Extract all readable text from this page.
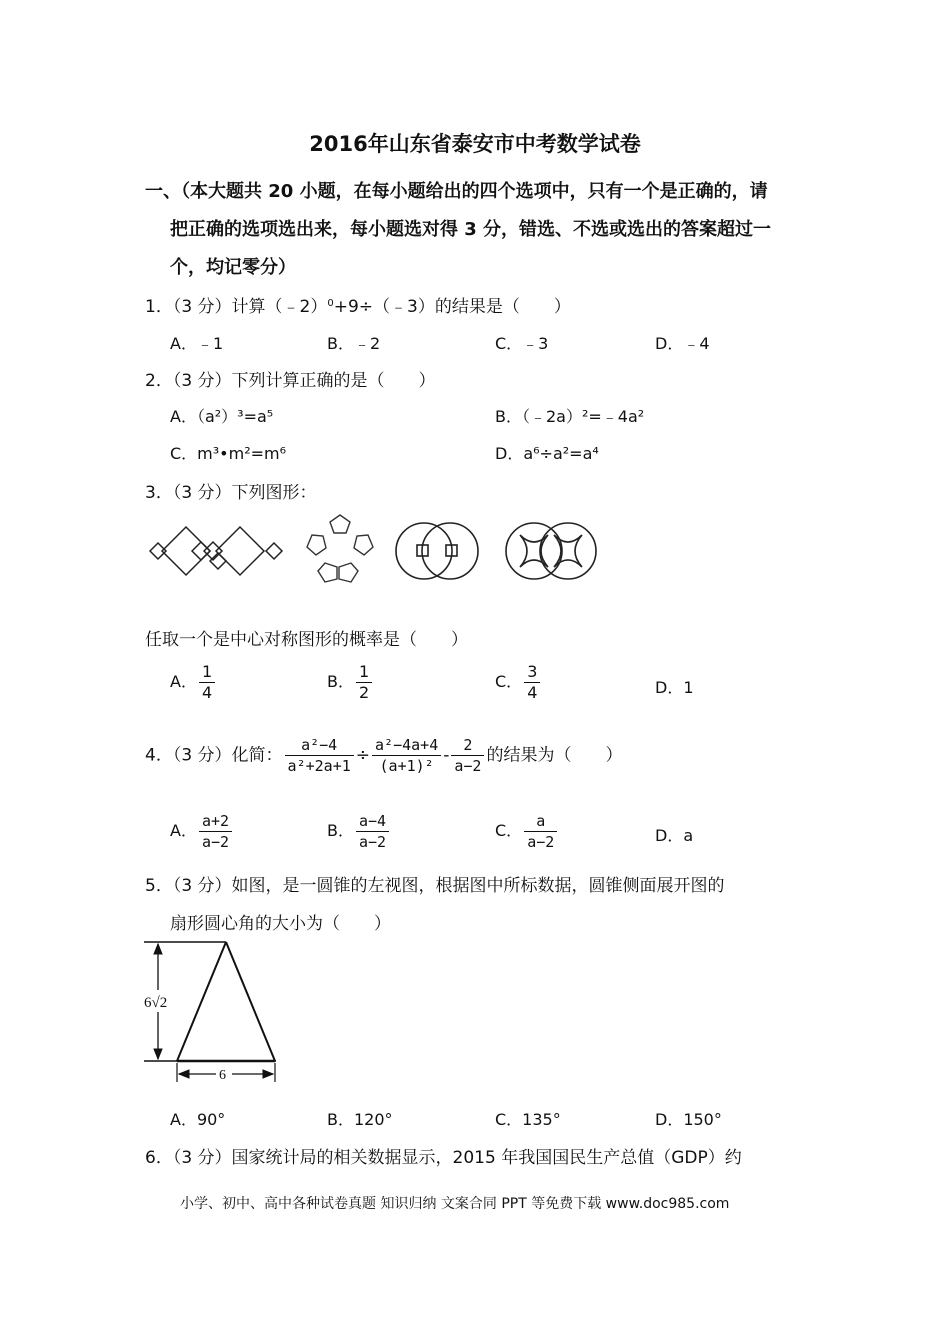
2016年山东省泰安市中考数学试卷
一、（本大题共 20 小题，在每小题给出的四个选项中，只有一个是正确的，请
把正确的选项选出来，每小题选对得 3 分，错选、不选或选出的答案超过一
个，均记零分）
1．（3 分）计算（﹣2）$^0$+9÷（﹣3）的结果是（　　）
A．﹣1	B．﹣2	C．﹣3	D．﹣4
2．（3 分）下列计算正确的是（　　）
A．（a²）³=a⁵	B．（﹣2a）²=﹣4a²
C．m³•m²=m⁶	D．a⁶÷a²=a⁴
3．（3 分）下列图形：
任取一个是中心对称图形的概率是（　　）
A． $\frac{1}{4}$	B． $\frac{1}{2}$	C． $\frac{3}{4}$	D．1
4．（3 分）化简： $\frac{\text{a²−4}}{\text{a²+2a+1}} \div \frac{\text{a²−4a+4}}{\text{(a+1)²}} - \frac{2}{a-2}$ 的结果为（　　）
A． $\frac{a+2}{a-2}$	B． $\frac{a-4}{a-2}$	C． $\frac{a}{a-2}$	D．a
5．（3 分）如图，是一圆锥的左视图，根据图中所标数据，圆锥侧面展开图的
扇形圆心角的大小为（　　）
6√2
6
A．90°	B．120°	C．135°	D．150°
6．（3 分）国家统计局的相关数据显示，2015 年我国国民生产总值（GDP）约
小学、初中、高中各种试卷真题 知识归纳 文案合同 PPT 等免费下载 www.doc985.com
